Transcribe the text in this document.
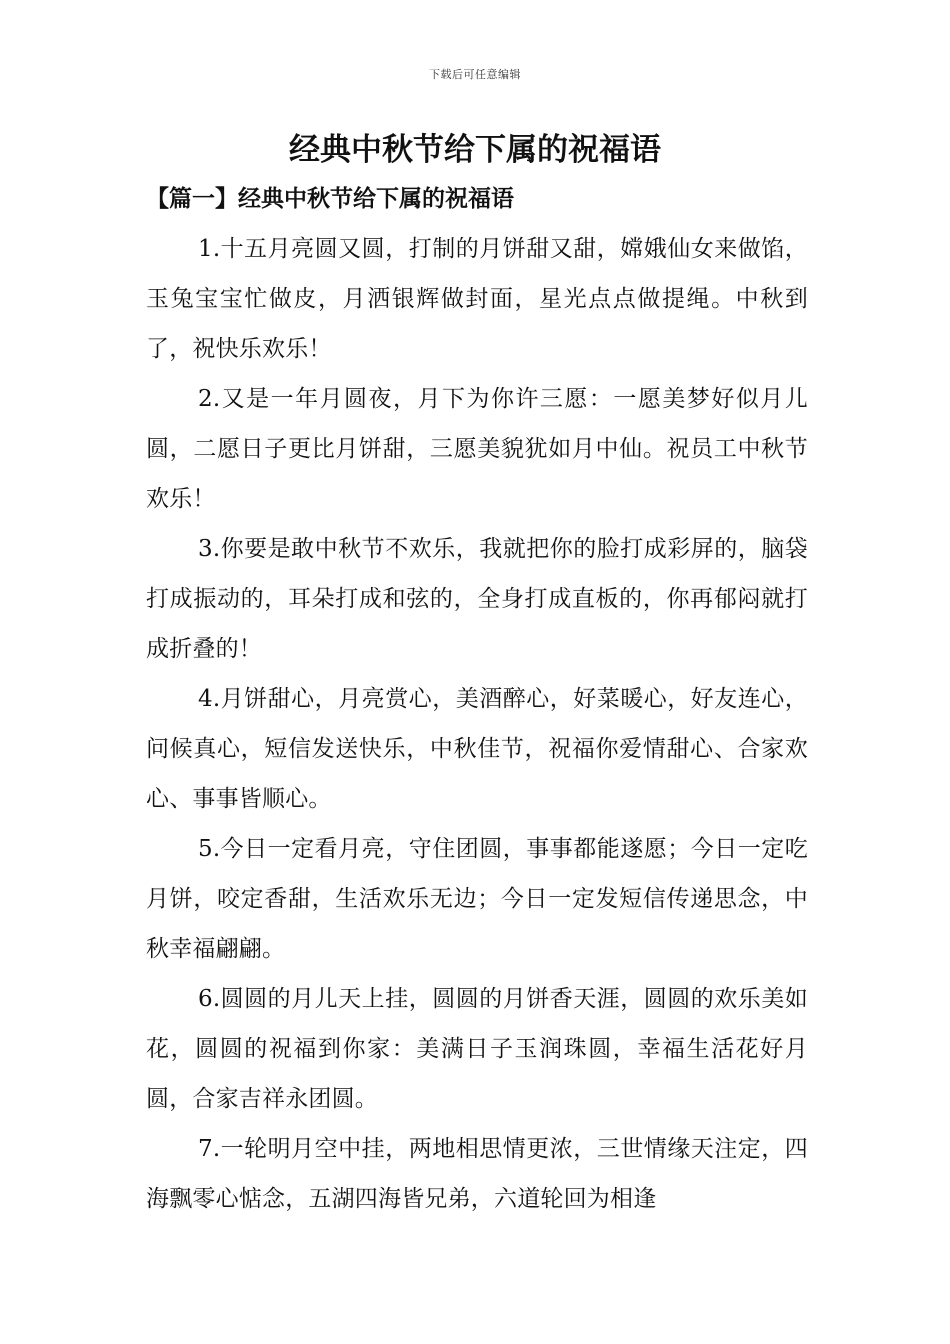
下载后可任意编辑
经典中秋节给下属的祝福语
【篇一】经典中秋节给下属的祝福语

1.十五月亮圆又圆，打制的月饼甜又甜，嫦娥仙女来做馅，玉兔宝宝忙做皮，月洒银辉做封面，星光点点做提绳。中秋到了，祝快乐欢乐！

2.又是一年月圆夜，月下为你许三愿：一愿美梦好似月儿圆，二愿日子更比月饼甜，三愿美貌犹如月中仙。祝员工中秋节欢乐！

3.你要是敢中秋节不欢乐，我就把你的脸打成彩屏的，脑袋打成振动的，耳朵打成和弦的，全身打成直板的，你再郁闷就打成折叠的！

4.月饼甜心，月亮赏心，美酒醉心，好菜暖心，好友连心，问候真心，短信发送快乐，中秋佳节，祝福你爱情甜心、合家欢心、事事皆顺心。

5.今日一定看月亮，守住团圆，事事都能遂愿；今日一定吃月饼，咬定香甜，生活欢乐无边；今日一定发短信传递思念，中秋幸福翩翩。

6.圆圆的月儿天上挂，圆圆的月饼香天涯，圆圆的欢乐美如花，圆圆的祝福到你家：美满日子玉润珠圆，幸福生活花好月圆，合家吉祥永团圆。

7.一轮明月空中挂，两地相思情更浓，三世情缘天注定，四海飘零心惦念，五湖四海皆兄弟，六道轮回为相逢
